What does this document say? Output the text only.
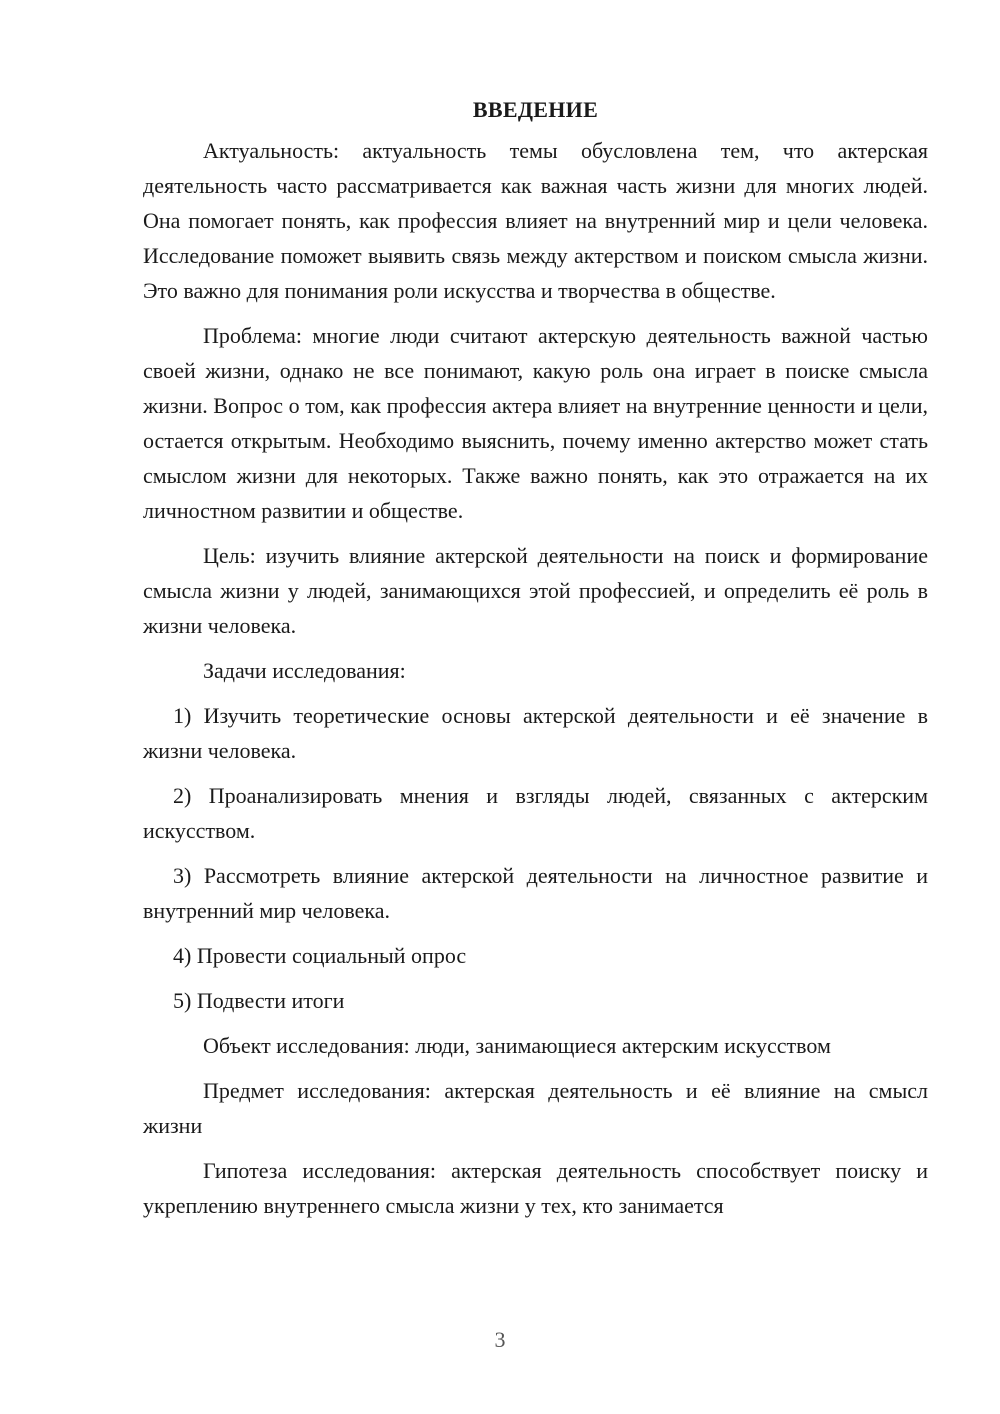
ВВЕДЕНИЕ

Актуальность: актуальность темы обусловлена тем, что актерская деятельность часто рассматривается как важная часть жизни для многих людей. Она помогает понять, как профессия влияет на внутренний мир и цели человека. Исследование поможет выявить связь между актерством и поиском смысла жизни. Это важно для понимания роли искусства и творчества в обществе.

Проблема: многие люди считают актерскую деятельность важной частью своей жизни, однако не все понимают, какую роль она играет в поиске смысла жизни. Вопрос о том, как профессия актера влияет на внутренние ценности и цели, остается открытым. Необходимо выяснить, почему именно актерство может стать смыслом жизни для некоторых. Также важно понять, как это отражается на их личностном развитии и обществе.

Цель: изучить влияние актерской деятельности на поиск и формирование смысла жизни у людей, занимающихся этой профессией, и определить её роль в жизни человека.

Задачи исследования:

1) Изучить теоретические основы актерской деятельности и её значение в жизни человека.

2) Проанализировать мнения и взгляды людей, связанных с актерским искусством.

3) Рассмотреть влияние актерской деятельности на личностное развитие и внутренний мир человека.

4) Провести социальный опрос

5) Подвести итоги

Объект исследования: люди, занимающиеся актерским искусством

Предмет исследования: актерская деятельность и её влияние на смысл жизни

Гипотеза исследования: актерская деятельность способствует поиску и укреплению внутреннего смысла жизни у тех, кто занимается

3
